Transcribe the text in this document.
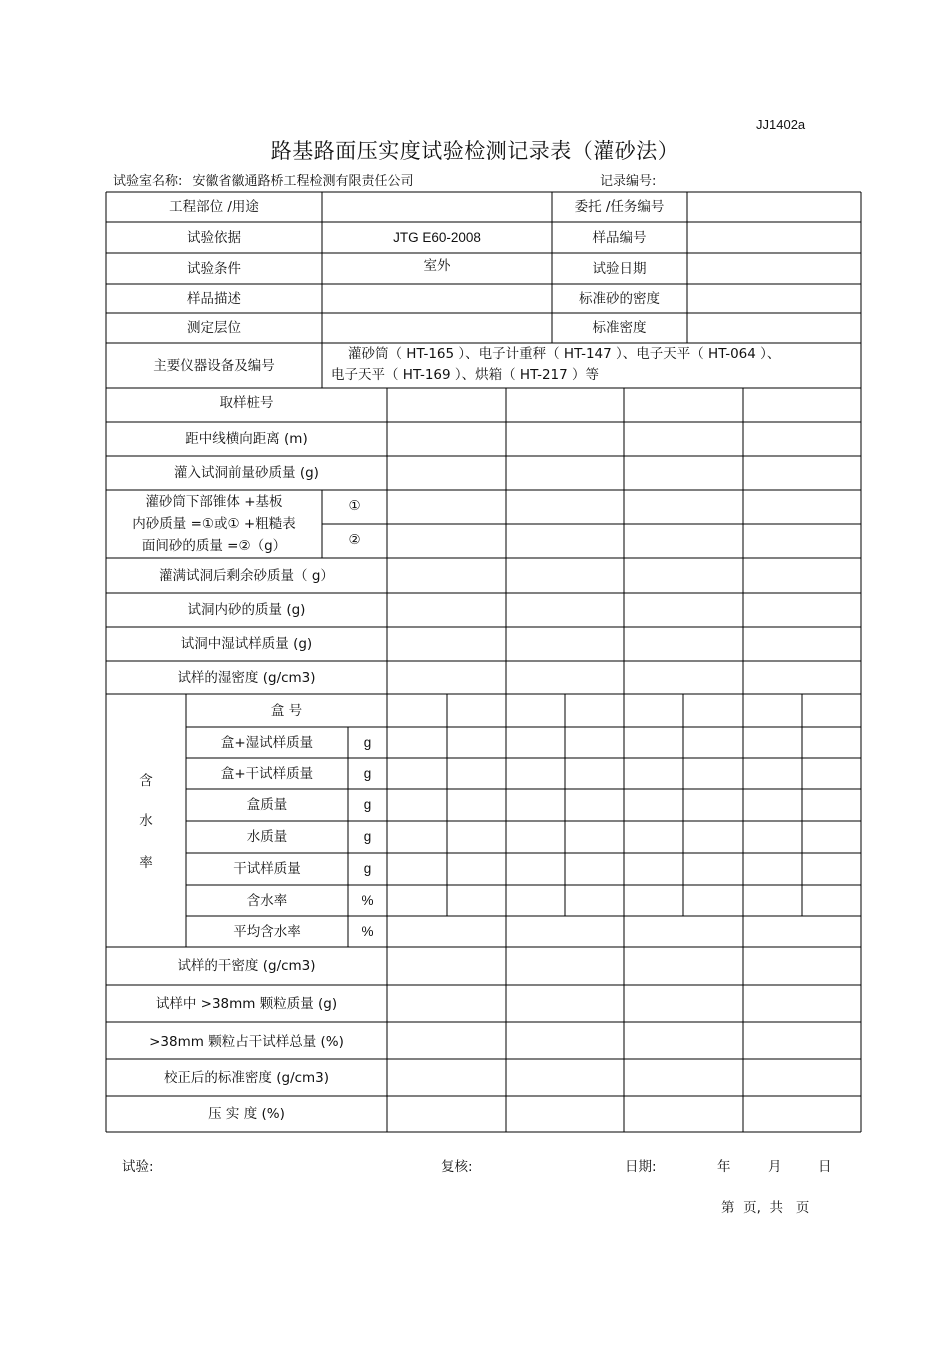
JJ1402a
路基路面压实度试验检测记录表（灌砂法）
试验室名称: 安徽省徽通路桥工程检测有限责任公司	记录编号:
工程部位 /用途	委托 /任务编号
试验依据	JTG E60-2008	样品编号
试验条件	室外	试验日期
样品描述	标准砂的密度
测定层位	标准密度
主要仪器设备及编号
灌砂筒（ HT-165 ）、电子计重秤（ HT-147 ）、电子天平（ HT-064 ）、
电子天平（ HT-169 ）、烘箱（ HT-217 ）等
取样桩号
距中线横向距离 (m)
灌入试洞前量砂质量 (g)
灌砂筒下部锥体 +基板
内砂质量 =①或① +粗糙表
面间砂的质量 =②（g）
①
②
灌满试洞后剩余砂质量（ g）
试洞内砂的质量 (g)
试洞中湿试样质量 (g)
试样的湿密度 (g/cm3)
含
水
率
盒 号
盒+湿试样质量	g
盒+干试样质量	g
盒质量	g
水质量	g
干试样质量	g
含水率	%
平均含水率	%
试样的干密度 (g/cm3)
试样中 >38mm 颗粒质量 (g)
>38mm 颗粒占干试样总量 (%)
校正后的标准密度 (g/cm3)
压 实 度 (%)
试验:	复核:	日期:	年	月	日
第  页,  共   页
